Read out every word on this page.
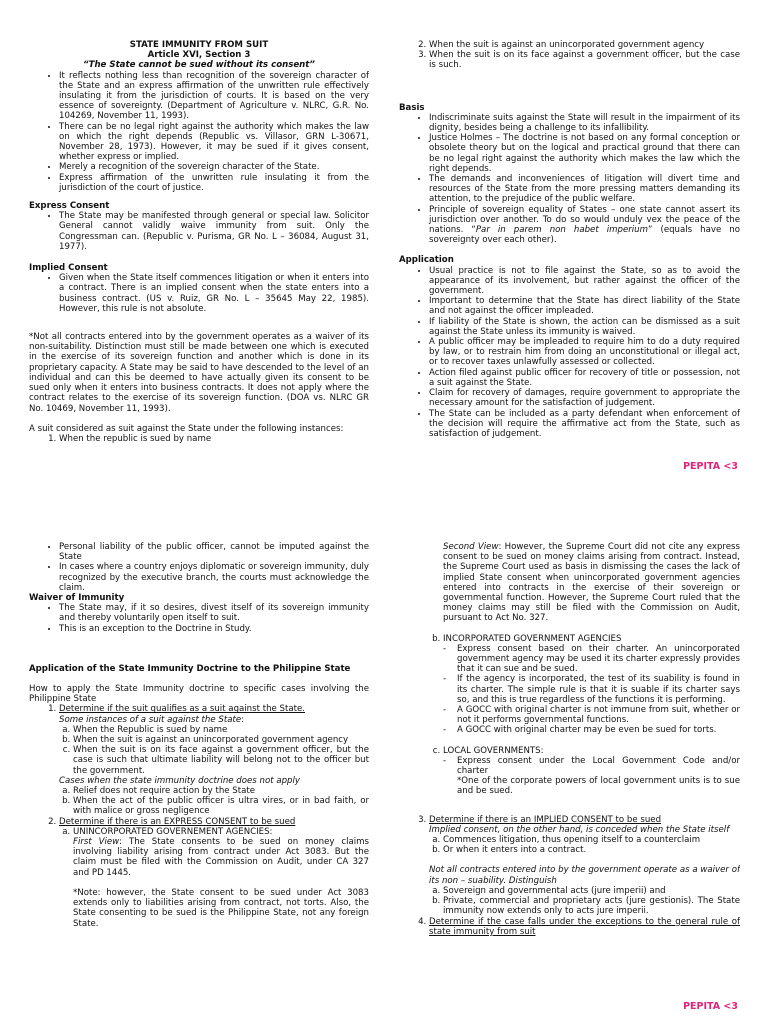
STATE IMMUNITY FROM SUIT
Article XVI, Section 3
“The State cannot be sued without its consent”
• It reflects nothing less than recognition of the sovereign character of the State and an express affirmation of the unwritten rule effectively insulating it from the jurisdiction of courts. It is based on the very essence of sovereignty. (Department of Agriculture v. NLRC, G.R. No. 104269, November 11, 1993).
• There can be no legal right against the authority which makes the law on which the right depends (Republic vs. Villasor, GRN L-30671, November 28, 1973). However, it may be sued if it gives consent, whether express or implied.
• Merely a recognition of the sovereign character of the State.
• Express affirmation of the unwritten rule insulating it from the jurisdiction of the court of justice.
Express Consent
• The State may be manifested through general or special law. Solicitor General cannot validly waive immunity from suit. Only the Congressman can. (Republic v. Purisma, GR No. L – 36084, August 31, 1977).
Implied Consent
• Given when the State itself commences litigation or when it enters into a contract. There is an implied consent when the state enters into a business contract. (US v. Ruiz, GR No. L – 35645 May 22, 1985). However, this rule is not absolute.

*Not all contracts entered into by the government operates as a waiver of its non-suitability. Distinction must still be made between one which is executed in the exercise of its sovereign function and another which is done in its proprietary capacity. A State may be said to have descended to the level of an individual and can this be deemed to have actually given its consent to be sued only when it enters into business contracts. It does not apply where the contract relates to the exercise of its sovereign function. (DOA vs. NLRC GR No. 10469, November 11, 1993).

A suit considered as suit against the State under the following instances:

1. When the republic is sued by name
2. When the suit is against an unincorporated government agency
3. When the suit is on its face against a government officer, but the case is such.
Basis
• Indiscriminate suits against the State will result in the impairment of its dignity, besides being a challenge to its infallibility.
• Justice Holmes – The doctrine is not based on any formal conception or obsolete theory but on the logical and practical ground that there can be no legal right against the authority which makes the law which the right depends.
• The demands and inconveniences of litigation will divert time and resources of the State from the more pressing matters demanding its attention, to the prejudice of the public welfare.
• Principle of sovereign equality of States – one state cannot assert its jurisdiction over another. To do so would unduly vex the peace of the nations. “Par in parem non habet imperium” (equals have no sovereignty over each other).
Application
• Usual practice is not to file against the State, so as to avoid the appearance of its involvement, but rather against the officer of the government.
• Important to determine that the State has direct liability of the State and not against the officer impleaded.
• If liability of the State is shown, the action can be dismissed as a suit against the State unless its immunity is waived.
• A public officer may be impleaded to require him to do a duty required by law, or to restrain him from doing an unconstitutional or illegal act, or to recover taxes unlawfully assessed or collected.
• Action filed against public officer for recovery of title or possession, not a suit against the State.
• Claim for recovery of damages, require government to appropriate the necessary amount for the satisfaction of judgement.
• The State can be included as a party defendant when enforcement of the decision will require the affirmative act from the State, such as satisfaction of judgement.
PEPITA <3
• Personal liability of the public officer, cannot be imputed against the State
• In cases where a country enjoys diplomatic or sovereign immunity, duly recognized by the executive branch, the courts must acknowledge the claim.
Waiver of Immunity
• The State may, if it so desires, divest itself of its sovereign immunity and thereby voluntarily open itself to suit.
• This is an exception to the Doctrine in Study.
Application of the State Immunity Doctrine to the Philippine State

How to apply the State Immunity doctrine to specific cases involving the Philippine State

1. Determine if the suit qualifies as a suit against the State.
Some instances of a suit against the State:
a. When the Republic is sued by name
b. When the suit is against an unincorporated government agency
c. When the suit is on its face against a government officer, but the case is such that ultimate liability will belong not to the officer but the government.
Cases when the state immunity doctrine does not apply
a. Relief does not require action by the State
b. When the act of the public officer is ultra vires, or in bad faith, or with malice or gross negligence
2. Determine if there is an EXPRESS CONSENT to be sued
a. UNINCORPORATED GOVERNEMENT AGENCIES:

First View: The State consents to be sued on money claims involving liability arising from contract under Act 3083. But the claim must be filed with the Commission on Audit, under CA 327 and PD 1445.

*Note: however, the State consent to be sued under Act 3083 extends only to liabilities arising from contract, not torts. Also, the State consenting to be sued is the Philippine State, not any foreign State.

Second View: However, the Supreme Court did not cite any express consent to be sued on money claims arising from contract. Instead, the Supreme Court used as basis in dismissing the cases the lack of implied State consent when unincorporated government agencies entered into contracts in the exercise of their sovereign or governmental function. However, the Supreme Court ruled that the money claims may still be filed with the Commission on Audit, pursuant to Act No. 327.

b. INCORPORATED GOVERNMENT AGENCIES
- Express consent based on their charter. An unincorporated government agency may be used it its charter expressly provides that it can sue and be sued.
- If the agency is incorporated, the test of its suability is found in its charter. The simple rule is that it is suable if its charter says so, and this is true regardless of the functions it is performing.
- A GOCC with original charter is not immune from suit, whether or not it performs governmental functions.
- A GOCC with original charter may be even be sued for torts.
c. LOCAL GOVERNMENTS:
- Express consent under the Local Government Code and/or charter
*One of the corporate powers of local government units is to sue and be sued.
3. Determine if there is an IMPLIED CONSENT to be sued
Implied consent, on the other hand, is conceded when the State itself
a. Commences litigation, thus opening itself to a counterclaim
b. Or when it enters into a contract.

Not all contracts entered into by the government operate as a waiver of its non – suability. Distinguish

a. Sovereign and governmental acts (jure imperii) and
b. Private, commercial and proprietary acts (jure gestionis). The State immunity now extends only to acts jure imperii.
4. Determine if the case falls under the exceptions to the general rule of state immunity from suit
PEPITA <3
